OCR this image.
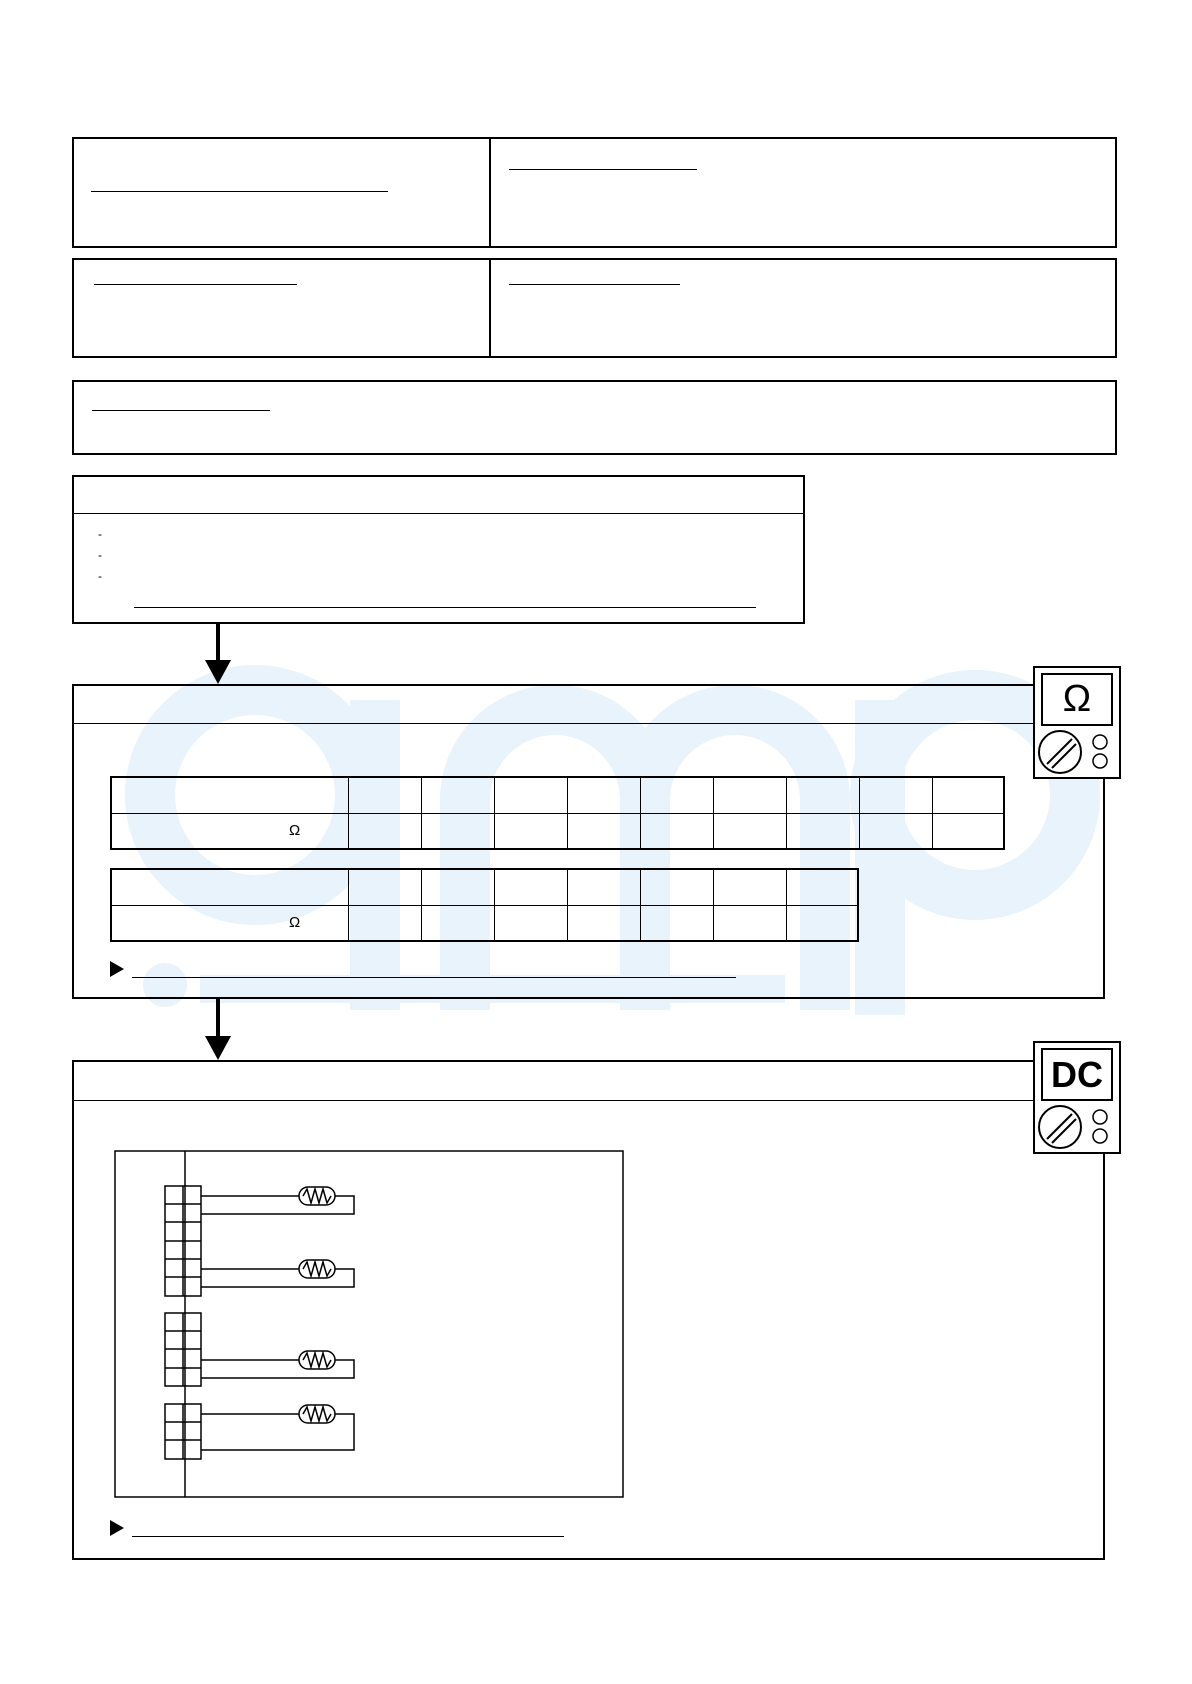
-
-
-
Ω
Ω
Ω
DC
